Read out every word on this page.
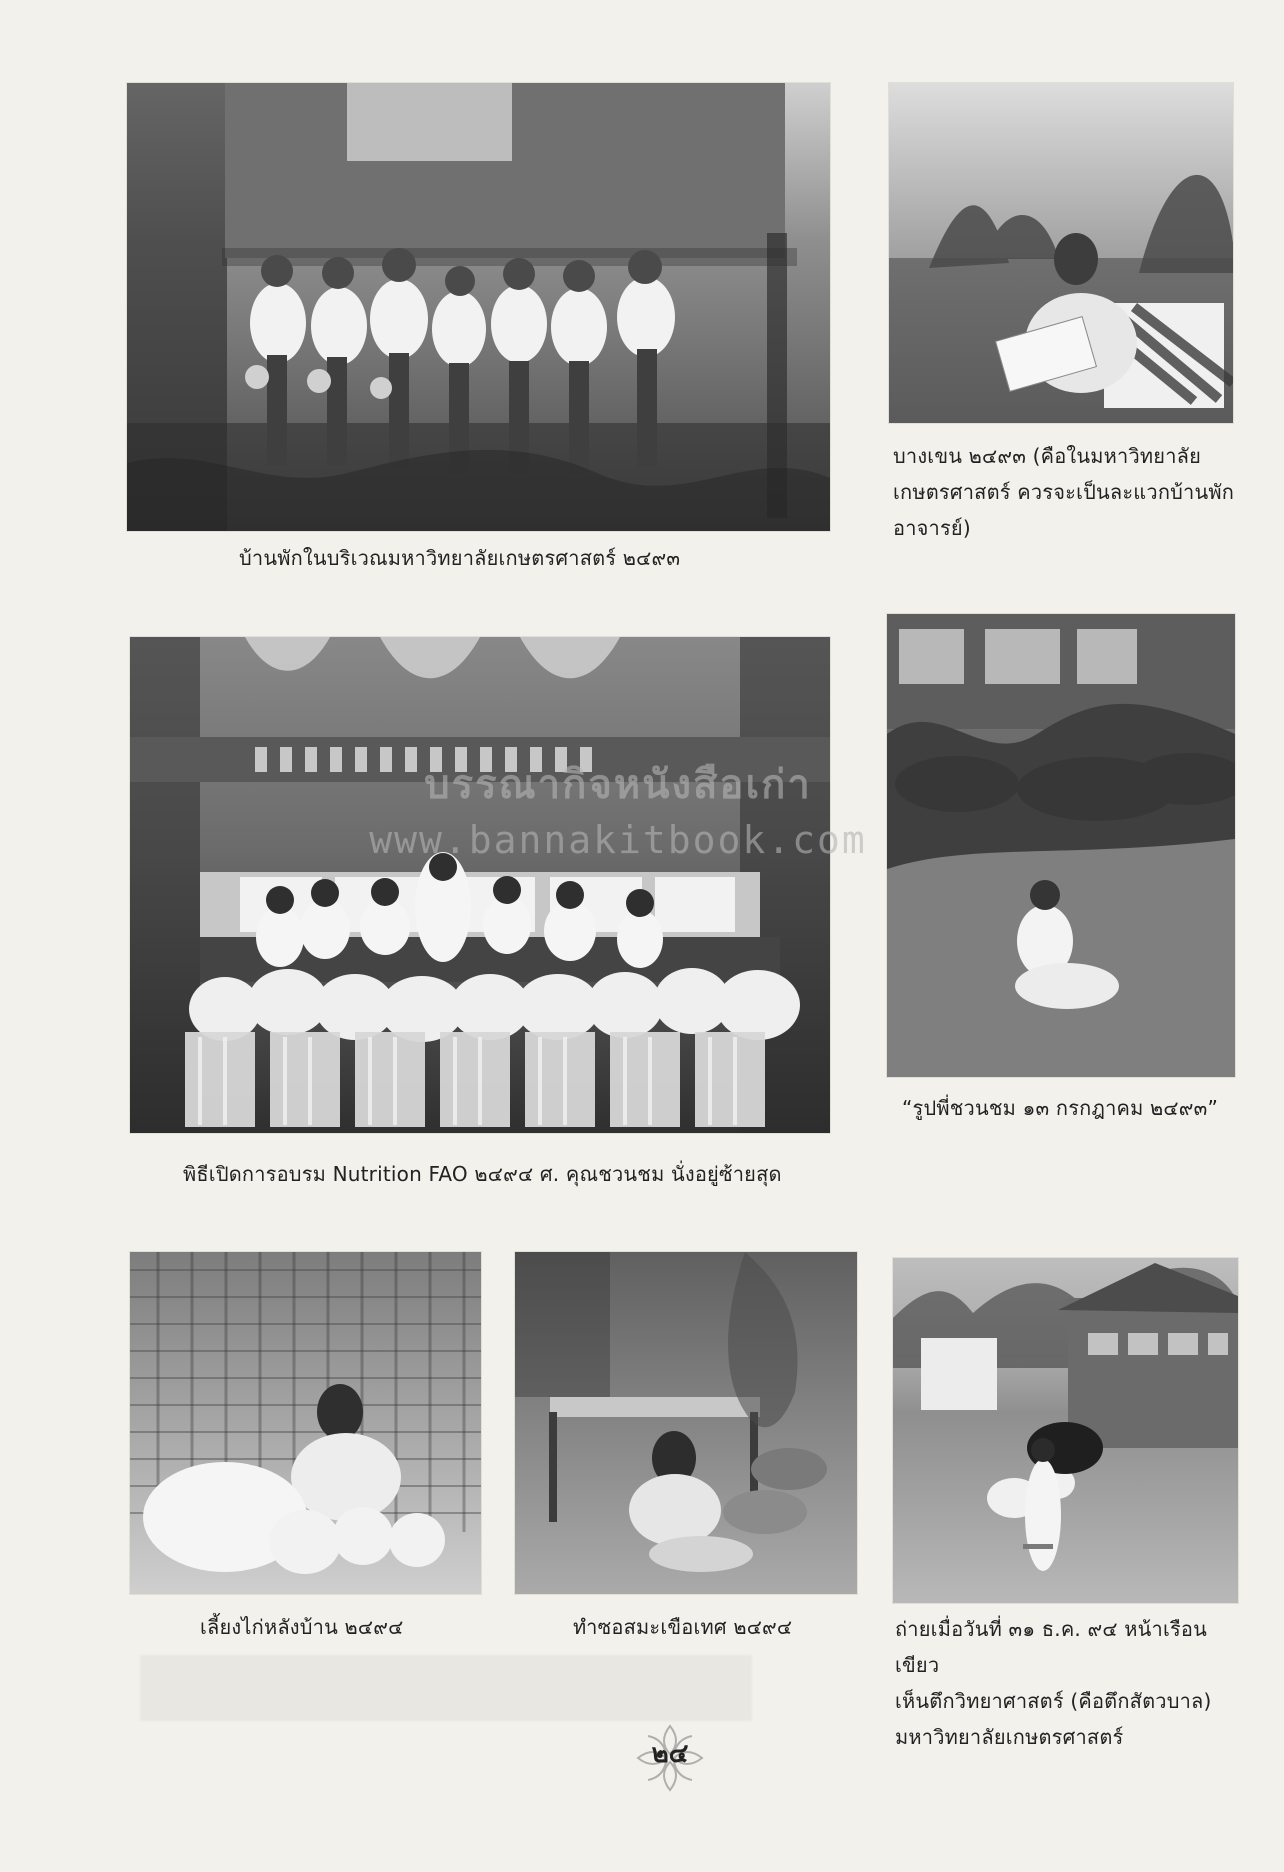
บ้านพักในบริเวณมหาวิทยาลัยเกษตรศาสตร์ ๒๔๙๓
บางเขน ๒๔๙๓ (คือในมหาวิทยาลัย
เกษตรศาสตร์ ควรจะเป็นละแวกบ้านพัก
อาจารย์)
พิธีเปิดการอบรม Nutrition FAO ๒๔๙๔ ศ. คุณชวนชม นั่งอยู่ซ้ายสุด
“รูปพี่ชวนชม ๑๓ กรกฎาคม ๒๔๙๓”
เลี้ยงไก่หลังบ้าน ๒๔๙๔	ทำซอสมะเขือเทศ ๒๔๙๔	ถ่ายเมื่อวันที่ ๓๑ ธ.ค. ๙๔ หน้าเรือนเขียว
เห็นตึกวิทยาศาสตร์ (คือตึกสัตวบาล)
มหาวิทยาลัยเกษตรศาสตร์
บรรณากิจหนังสือเก่า
www.bannakitbook.com
๒๔
